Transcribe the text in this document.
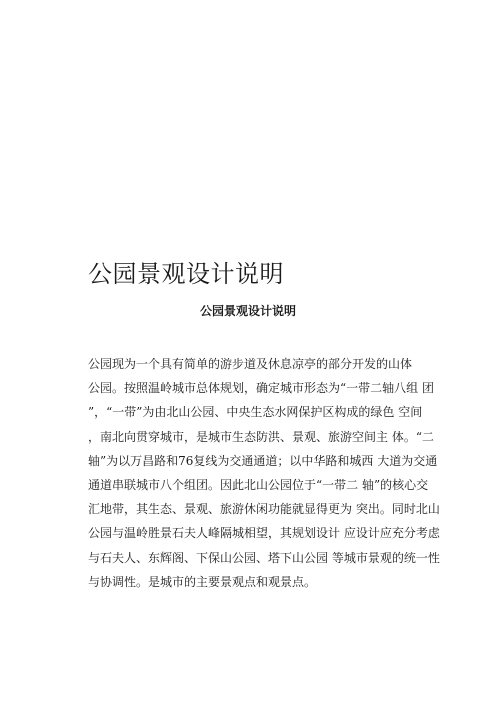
公园景观设计说明
公园景观设计说明
公园现为一个具有简单的游步道及休息凉亭的部分开发的山体
公园。按照温岭城市总体规划，确定城市形态为“一带二轴八组 团
”，“一带”为由北山公园、中央生态水网保护区构成的绿色 空间
，南北向贯穿城市，是城市生态防洪、景观、旅游空间主 体。“二
轴”为以万昌路和76复线为交通通道；以中华路和城西 大道为交通
通道串联城市八个组团。因此北山公园位于“一带二 轴”的核心交
汇地带，其生态、景观、旅游休闲功能就显得更为 突出。同时北山
公园与温岭胜景石夫人峰隔城相望，其规划设计 应设计应充分考虑
与石夫人、东辉阁、下保山公园、塔下山公园 等城市景观的统一性
与协调性。是城市的主要景观点和观景点。
